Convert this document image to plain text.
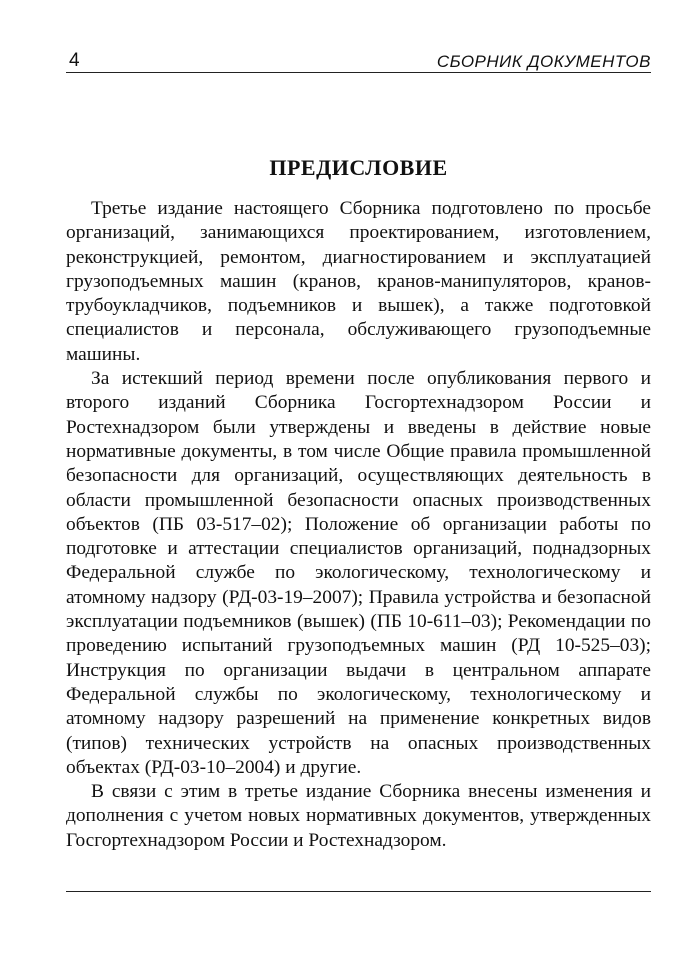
4	СБОРНИК ДОКУМЕНТОВ
ПРЕДИСЛОВИЕ

Третье издание настоящего Сборника подготовлено по просьбе организаций, занимающихся проектированием, изготовлением, реконструкцией, ремонтом, диагностированием и эксплуатацией грузоподъемных машин (кранов, кранов-манипуляторов, кранов-трубоукладчиков, подъемников и вышек), а также подготовкой специалистов и персонала, обслуживающего грузоподъемные машины.

За истекший период времени после опубликования первого и второго изданий Сборника Госгортехнадзором России и Ростехнадзором были утверждены и введены в действие новые нормативные документы, в том числе Общие правила промышленной безопасности для организаций, осуществляющих деятельность в области промышленной безопасности опасных производственных объектов (ПБ 03-517–02); Положение об организации работы по подготовке и аттестации специалистов организаций, поднадзорных Федеральной службе по экологическому, технологическому и атомному надзору (РД-03-19–2007); Правила устройства и безопасной эксплуатации подъемников (вышек) (ПБ 10-611–03); Рекомендации по проведению испытаний грузоподъемных машин (РД 10-525–03); Инструкция по организации выдачи в центральном аппарате Федеральной службы по экологическому, технологическому и атомному надзору разрешений на применение конкретных видов (типов) технических устройств на опасных производственных объектах (РД-03-10–2004) и другие.

В связи с этим в третье издание Сборника внесены изменения и дополнения с учетом новых нормативных документов, утвержденных Госгортехнадзором России и Ростехнадзором.
